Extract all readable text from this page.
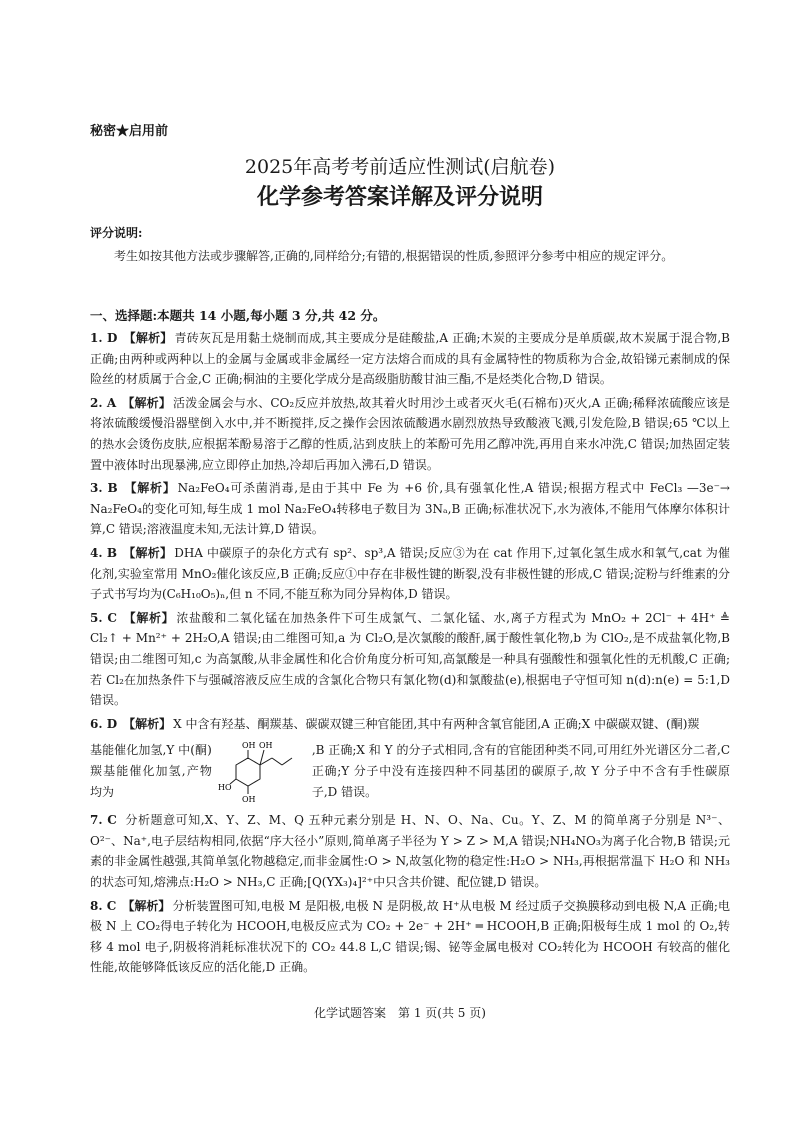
秘密★启用前
2025年高考考前适应性测试(启航卷)
化学参考答案详解及评分说明
评分说明:
考生如按其他方法或步骤解答,正确的,同样给分;有错的,根据错误的性质,参照评分参考中相应的规定评分。
一、选择题:本题共 14 小题,每小题 3 分,共 42 分。

1. D 【解析】 青砖灰瓦是用黏土烧制而成,其主要成分是硅酸盐,A 正确;木炭的主要成分是单质碳,故木炭属于混合物,B 正确;由两种或两种以上的金属与金属或非金属经一定方法熔合而成的具有金属特性的物质称为合金,故铅锑元素制成的保险丝的材质属于合金,C 正确;桐油的主要化学成分是高级脂肪酸甘油三酯,不是烃类化合物,D 错误。

2. A 【解析】 活泼金属会与水、CO₂反应并放热,故其着火时用沙土或者灭火毛(石棉布)灭火,A 正确;稀释浓硫酸应该是将浓硫酸缓慢沿器壁倒入水中,并不断搅拌,反之操作会因浓硫酸遇水剧烈放热导致酸液飞溅,引发危险,B 错误;65 ℃以上的热水会烫伤皮肤,应根据苯酚易溶于乙醇的性质,沾到皮肤上的苯酚可先用乙醇冲洗,再用自来水冲洗,C 错误;加热固定装置中液体时出现暴沸,应立即停止加热,冷却后再加入沸石,D 错误。

3. B 【解析】 Na₂FeO₄可杀菌消毒,是由于其中 Fe 为 +6 价,具有强氧化性,A 错误;根据方程式中 FeCl₃ —3e⁻→ Na₂FeO₄的变化可知,每生成 1 mol Na₂FeO₄转移电子数目为 3Nₐ,B 正确;标准状况下,水为液体,不能用气体摩尔体积计算,C 错误;溶液温度未知,无法计算,D 错误。

4. B 【解析】 DHA 中碳原子的杂化方式有 sp²、sp³,A 错误;反应③为在 cat 作用下,过氧化氢生成水和氧气,cat 为催化剂,实验室常用 MnO₂催化该反应,B 正确;反应①中存在非极性键的断裂,没有非极性键的形成,C 错误;淀粉与纤维素的分子式书写均为(C₆H₁₀O₅)ₙ,但 n 不同,不能互称为同分异构体,D 错误。

5. C 【解析】 浓盐酸和二氧化锰在加热条件下可生成氯气、二氯化锰、水,离子方程式为 MnO₂ + 2Cl⁻ + 4H⁺ ≜ Cl₂↑ + Mn²⁺ + 2H₂O,A 错误;由二维图可知,a 为 Cl₂O,是次氯酸的酸酐,属于酸性氧化物,b 为 ClO₂,是不成盐氧化物,B 错误;由二维图可知,c 为高氯酸,从非金属性和化合价角度分析可知,高氯酸是一种具有强酸性和强氧化性的无机酸,C 正确;若 Cl₂在加热条件下与强碱溶液反应生成的含氯化合物只有氯化物(d)和氯酸盐(e),根据电子守恒可知 n(d):n(e) = 5:1,D 错误。

6. D 【解析】 X 中含有羟基、酮羰基、碳碳双键三种官能团,其中有两种含氧官能团,A 正确;X 中碳碳双键、(酮)羰
基能催化加氢,Y 中(酮)羰基能催化加氢,产物均为
OH OH
HO
OH
,B 正确;X 和 Y 的分子式相同,含有的官能团种类不同,可用红外光谱区分二者,C 正确;Y 分子中没有连接四种不同基团的碳原子,故 Y 分子中不含有手性碳原子,D 错误。

7. C 分析题意可知,X、Y、Z、M、Q 五种元素分别是 H、N、O、Na、Cu。Y、Z、M 的简单离子分别是 N³⁻、O²⁻、Na⁺,电子层结构相同,依据“序大径小”原则,简单离子半径为 Y > Z > M,A 错误;NH₄NO₃为离子化合物,B 错误;元素的非金属性越强,其简单氢化物越稳定,而非金属性:O > N,故氢化物的稳定性:H₂O > NH₃,再根据常温下 H₂O 和 NH₃的状态可知,熔沸点:H₂O > NH₃,C 正确;[Q(YX₃)₄]²⁺中只含共价键、配位键,D 错误。

8. C 【解析】 分析装置图可知,电极 M 是阳极,电极 N 是阴极,故 H⁺从电极 M 经过质子交换膜移动到电极 N,A 正确;电极 N 上 CO₂得电子转化为 HCOOH,电极反应式为 CO₂ + 2e⁻ + 2H⁺ ═ HCOOH,B 正确;阳极每生成 1 mol 的 O₂,转移 4 mol 电子,阴极将消耗标准状况下的 CO₂ 44.8 L,C 错误;锡、铋等金属电极对 CO₂转化为 HCOOH 有较高的催化性能,故能够降低该反应的活化能,D 正确。

化学试题答案　第 1 页(共 5 页)
